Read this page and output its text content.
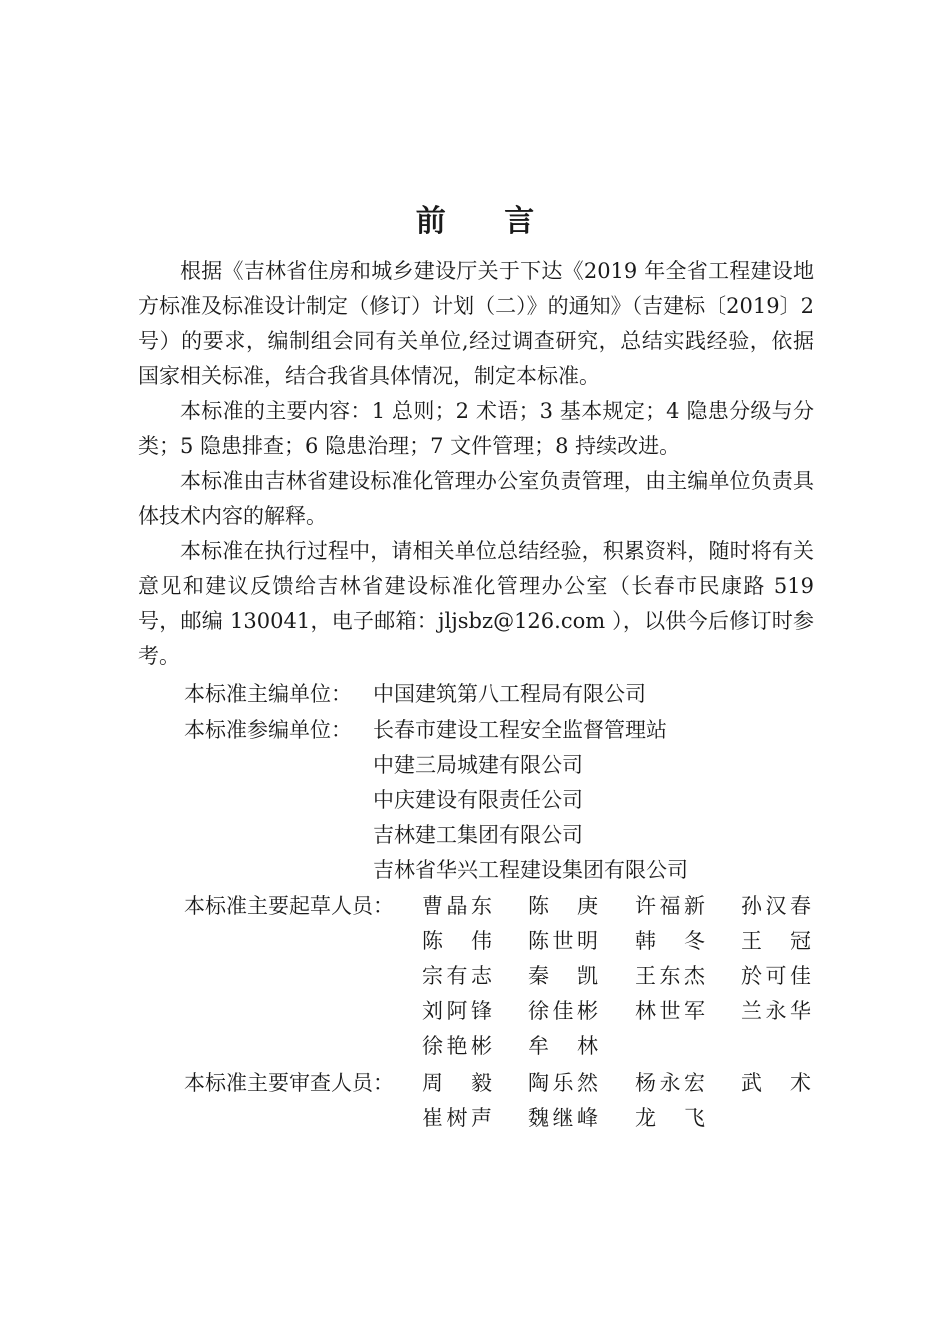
前 言

根据《吉林省住房和城乡建设厅关于下达《2019 年全省工程建设地方标准及标准设计制定（修订）计划（二）》的通知》（吉建标〔2019〕2 号）的要求，编制组会同有关单位,经过调查研究，总结实践经验，依据国家相关标准，结合我省具体情况，制定本标准。

本标准的主要内容：1 总则；2 术语；3 基本规定；4 隐患分级与分类；5 隐患排查；6 隐患治理；7 文件管理；8 持续改进。

本标准由吉林省建设标准化管理办公室负责管理，由主编单位负责具体技术内容的解释。

本标准在执行过程中，请相关单位总结经验，积累资料，随时将有关意见和建议反馈给吉林省建设标准化管理办公室（长春市民康路 519 号，邮编 130041，电子邮箱：jljsbz@126.com ），以供今后修订时参考。

本标准主编单位： 中国建筑第八工程局有限公司
本标准参编单位： 长春市建设工程安全监督管理站
中建三局城建有限公司
中庆建设有限责任公司
吉林建工集团有限公司
吉林省华兴工程建设集团有限公司
本标准主要起草人员： 曹晶东 陈　庚 许福新 孙汉春
陈　伟 陈世明 韩　冬 王　冠
宗有志 秦　凯 王东杰 於可佳
刘阿锋 徐佳彬 林世军 兰永华
徐艳彬 牟　林
本标准主要审查人员： 周　毅 陶乐然 杨永宏 武　术
崔树声 魏继峰 龙　飞
